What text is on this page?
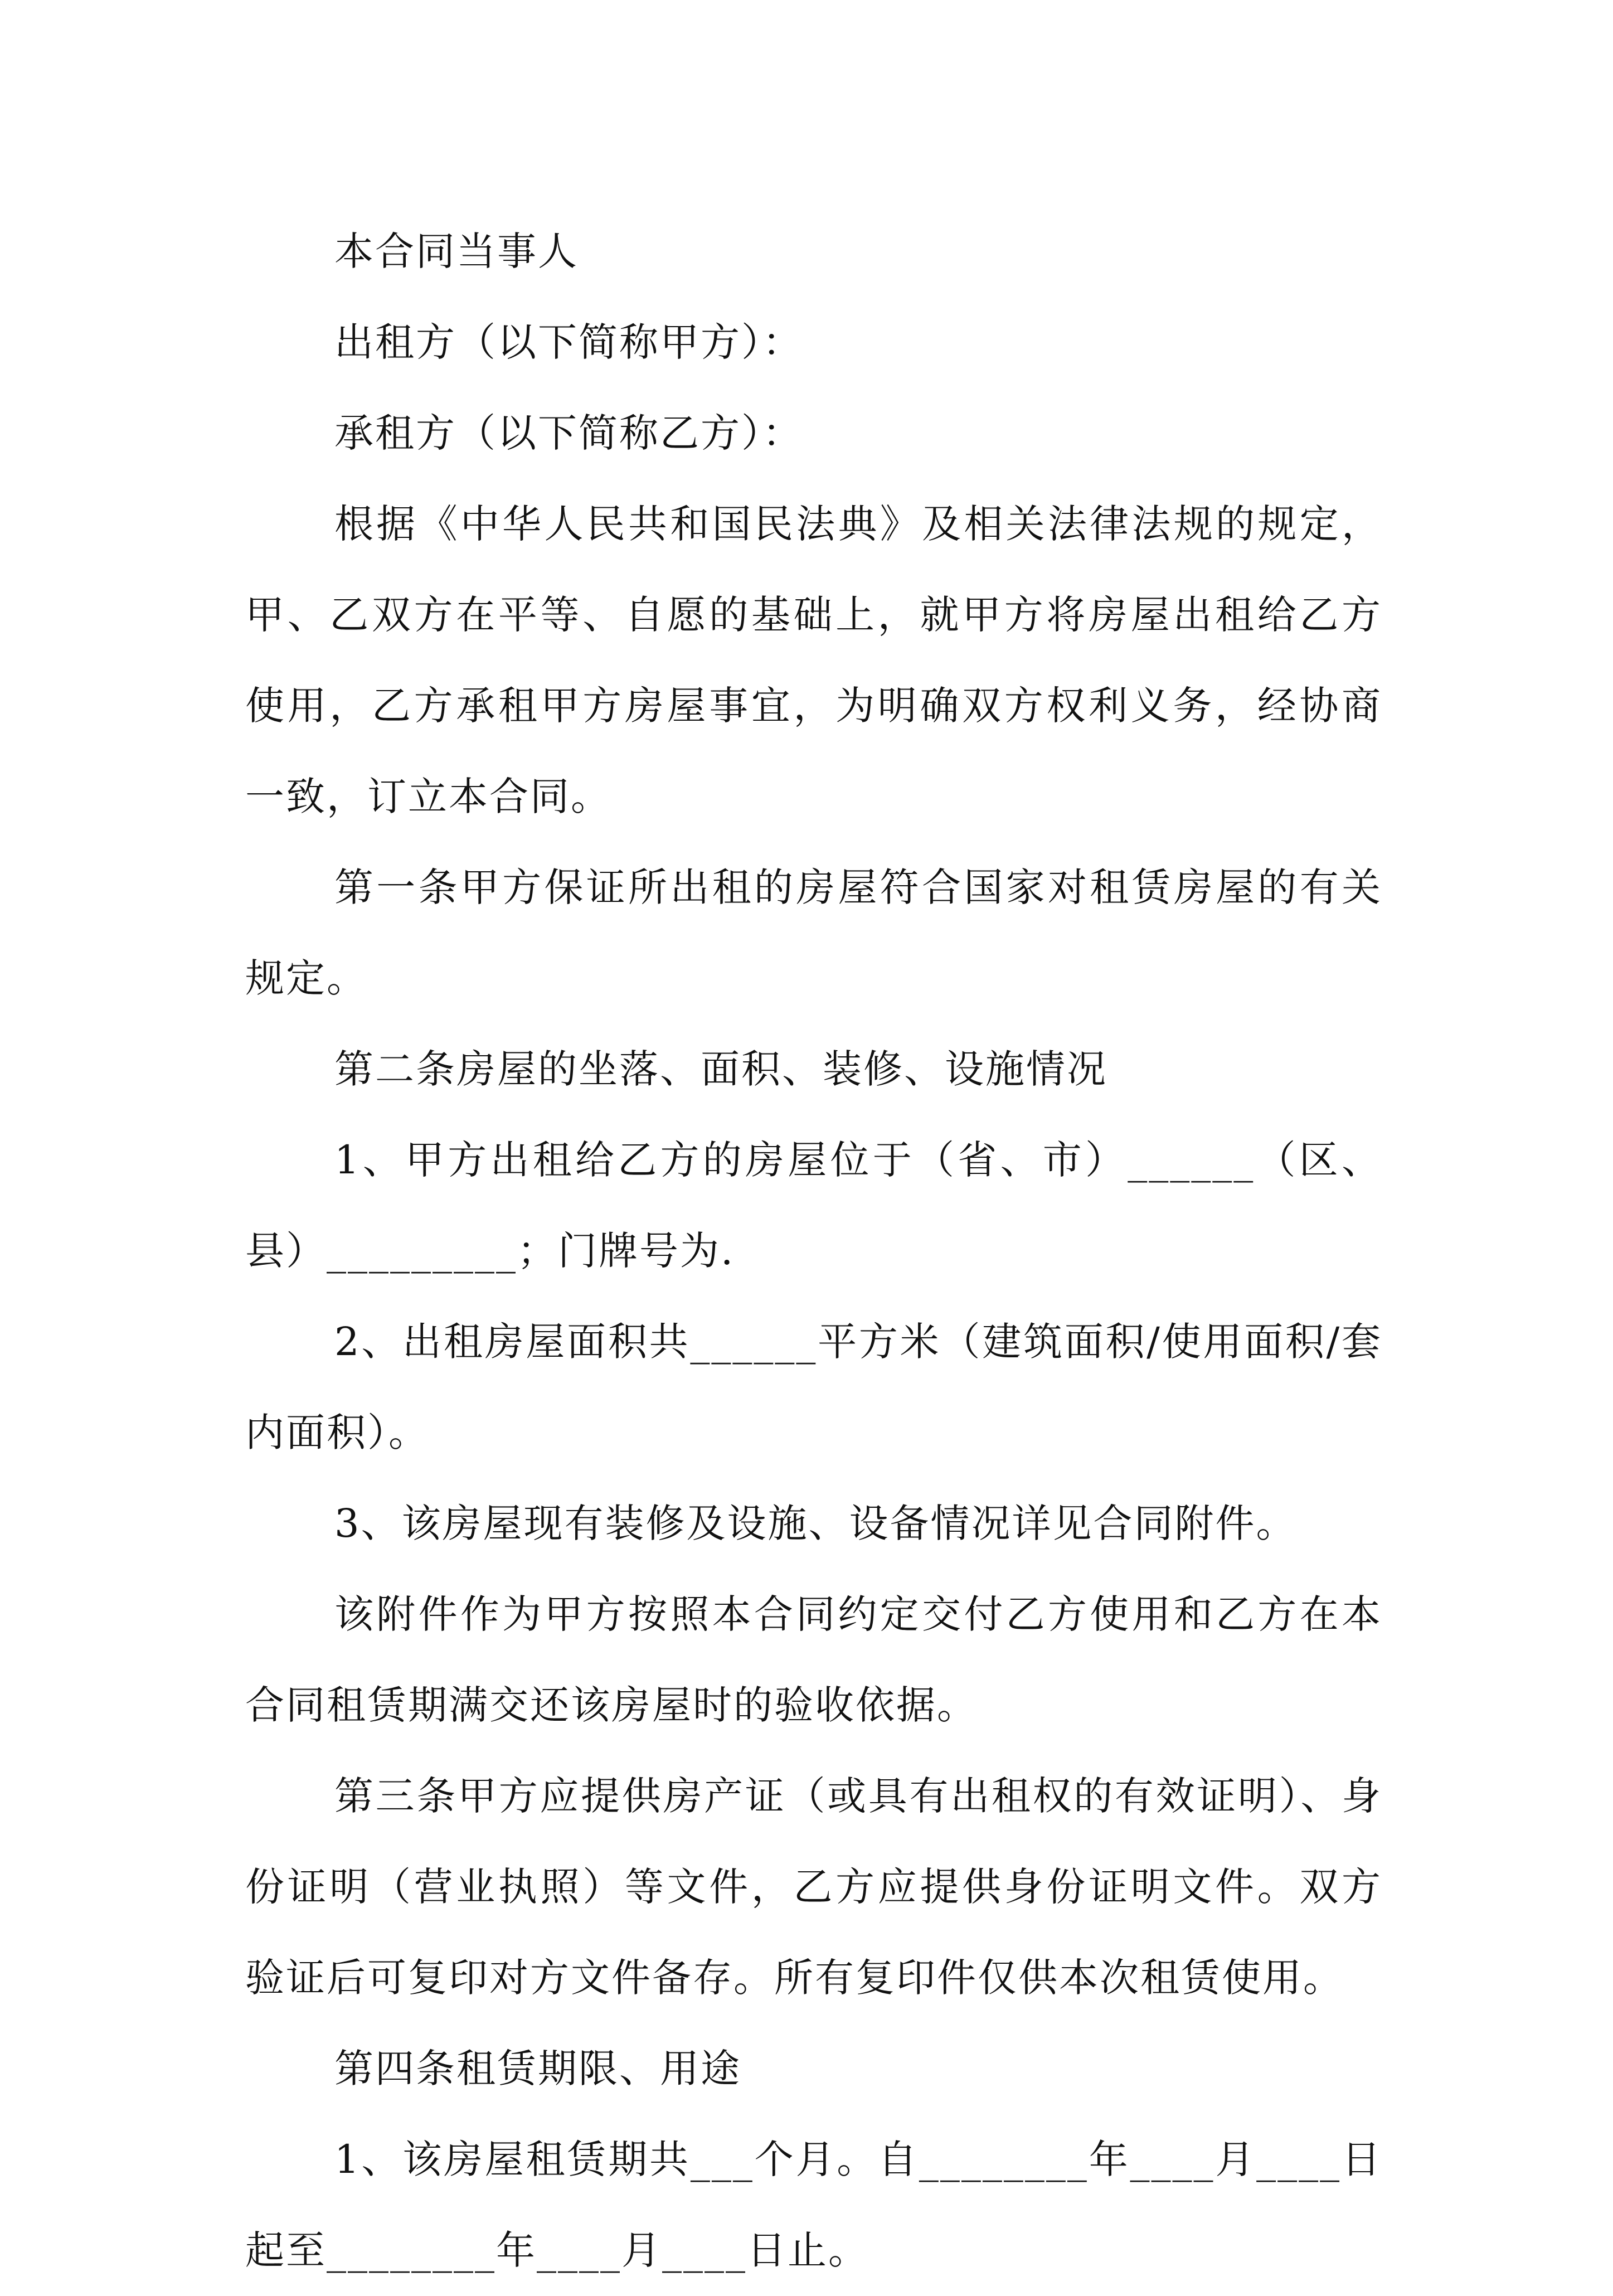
本合同当事人

出租方（以下简称甲方）：

承租方（以下简称乙方）：

根据《中华人民共和国民法典》及相关法律法规的规定，甲、乙双方在平等、自愿的基础上，就甲方将房屋出租给乙方使用，乙方承租甲方房屋事宜，为明确双方权利义务，经协商一致，订立本合同。

第一条甲方保证所出租的房屋符合国家对租赁房屋的有关规定。

第二条房屋的坐落、面积、装修、设施情况

1、甲方出租给乙方的房屋位于（省、市）______（区、县）_________；门牌号为.

2、出租房屋面积共______平方米（建筑面积/使用面积/套内面积）。

3、该房屋现有装修及设施、设备情况详见合同附件。

该附件作为甲方按照本合同约定交付乙方使用和乙方在本合同租赁期满交还该房屋时的验收依据。

第三条甲方应提供房产证（或具有出租权的有效证明）、身份证明（营业执照）等文件，乙方应提供身份证明文件。双方验证后可复印对方文件备存。所有复印件仅供本次租赁使用。

第四条租赁期限、用途

1、该房屋租赁期共___个月。自________年____月____日起至________年____月____日止。
